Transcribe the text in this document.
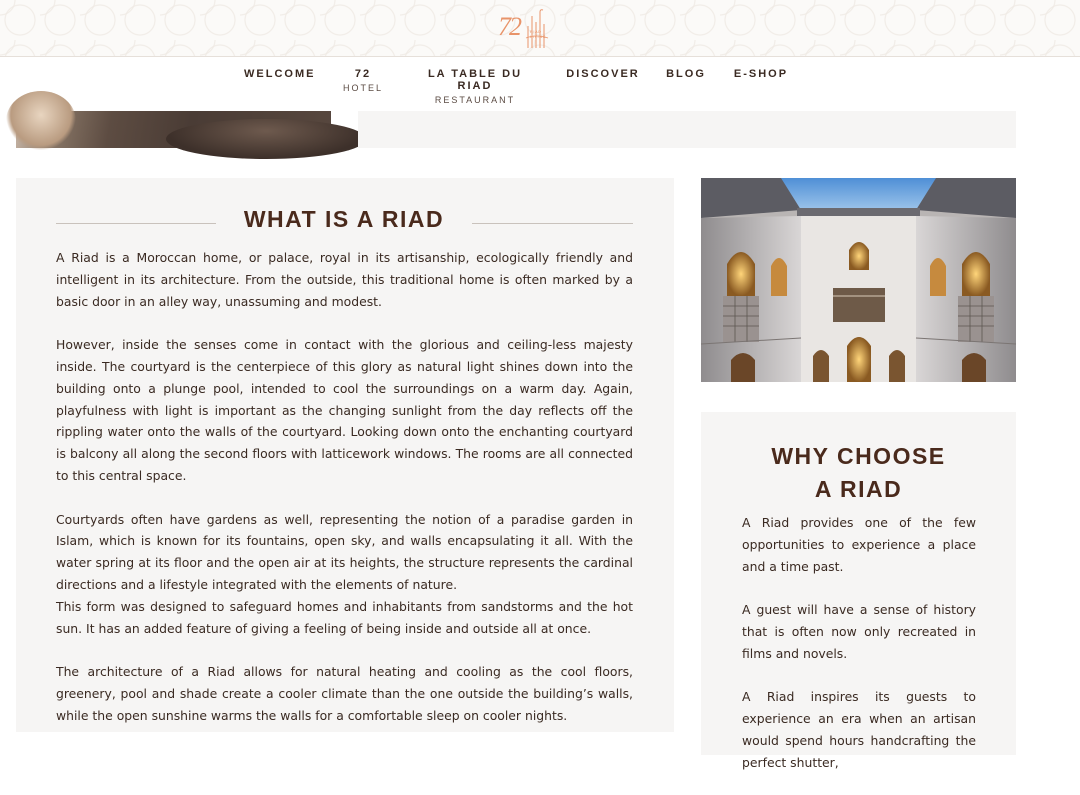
72	RIAD LIVING
WELCOME	72
HOTEL
LA TABLE DU RIAD
RESTAURANT
DISCOVER BLOG	E-SHOP
WHAT IS A RIAD

A Riad is a Moroccan home, or palace, royal in its artisanship, ecologically friendly and intelligent in its architecture. From the outside, this traditional home is often marked by a basic door in an alley way, unassuming and modest.

However, inside the senses come in contact with the glorious and ceiling-less majesty inside. The courtyard is the centerpiece of this glory as natural light shines down into the building onto a plunge pool, intended to cool the surroundings on a warm day. Again, playfulness with light is important as the changing sunlight from the day reflects off the rippling water onto the walls of the courtyard. Looking down onto the enchanting courtyard is balcony all along the second floors with latticework windows. The rooms are all connected to this central space.

Courtyards often have gardens as well, representing the notion of a paradise garden in Islam, which is known for its fountains, open sky, and walls encapsulating it all. With the water spring at its floor and the open air at its heights, the structure represents the cardinal directions and a lifestyle integrated with the elements of nature.

This form was designed to safeguard homes and inhabitants from sandstorms and the hot sun. It has an added feature of giving a feeling of being inside and outside all at once.

The architecture of a Riad allows for natural heating and cooling as the cool floors, greenery, pool and shade create a cooler climate than the one outside the building’s walls, while the open sunshine warms the walls for a comfortable sleep on cooler nights.

WHY CHOOSE
A RIAD

A Riad provides one of the few opportunities to experience a place and a time past.

A guest will have a sense of history that is often now only recreated in films and novels.

A Riad inspires its guests to experience an era when an artisan would spend hours handcrafting the perfect shutter,
